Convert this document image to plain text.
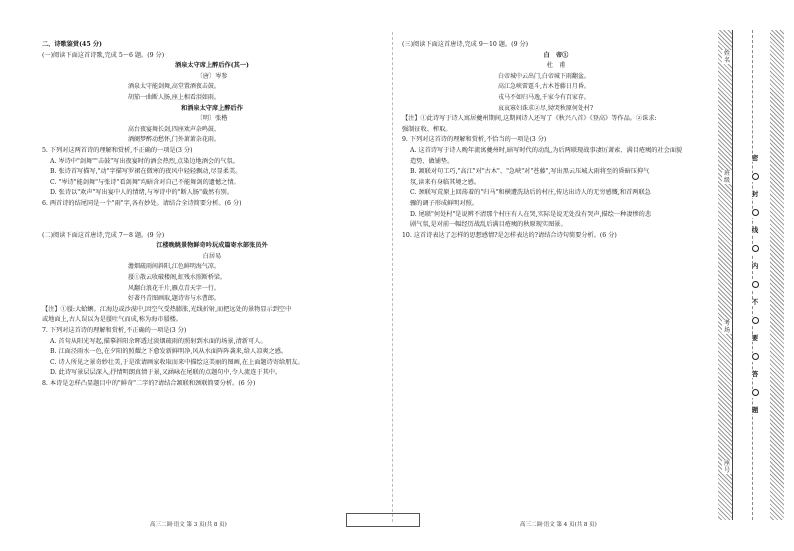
二、诗歌鉴赏(45 分)
(一)阅读下面这首诗歌,完成 5～6 题。(9 分)
酒泉太守席上醉后作(其一)
〔唐〕岑参
酒泉太守能剑舞,高堂置酒夜击鼓。
胡笳一曲断人肠,座上相看泪如雨。
和酒泉太守席上醉后作
〔明〕张楷
高台夜宴舞长剑,四座欢声杂鸣鼓。
酒阑梦醉动愁怀,门外萧萧杂花雨。
5. 下列对这两首诗的理解和赏析,不正确的一项是(3 分)
A. 岑诗中"剑舞""击鼓"写出夜宴时的酒会热烈,点染边地酒会的气氛。
B. 张诗首写描写,"动"字描写罗裙在微寒的夜风中轻轻飘动,尽显柔美。
C. "岑诗"能剑舞"与张诗"看剑舞"均暗含对自己不能舞剑的遗憾之情。
D. 张诗以"欢声"写出宴中人的情绪,与岑诗中的"断人肠"截然有别。
6. 两首诗的结尾同是一个"雨"字,各有妙处。请结合全诗简要分析。(6 分)

(二)阅读下面这首唐诗,完成 7～8 题。(9 分)
江楼晚眺景物鲜奇吟玩成篇寄水部张员外
白居易
澹烟疏雨间斜阳,江色鲜明海气凉。
蜃①散云收破楼阁,虹残水照断桥梁。
风翻白浪花千片,雁点青天字一行。
好著丹青图画取,题诗寄与水曹郎。
【注】①蜃:大蛤蜊。江海边或沙漠中,因空气受热膨胀,光线折射,而把远处的景物显示到空中
或地面上,古人误以为是蜃吐气而成,称为海市蜃楼。
7. 下列对这首诗的理解和赏析,不正确的一项是(3 分)
A. 首句从阳光写起,描摹斜阳余晖透过淡烟疏雨的照射到水面的场景,清新可人。
B. 江面泾雨水一色,在夕阳的照耀之下愈发新鲜明净,风从水面阵阵袭来,给人凉爽之感。
C. 诗人所见之景奇妙壮美,于是欲请画家收取而来中描绘这美丽的图画,在上面题诗寄给朋友。
D. 此诗写景层层深入,抒情明朗真情于景,又涵咏在尾联的点题句中,令人流连于其中。
8. 本诗是怎样凸显题目中的"鲜奇"二字的?请结合颔联和颈联简要分析。(6 分)
(三)阅读下面这首唐诗,完成 9～10 题。(9 分)
白　帝①
杜　甫
白帝城中云出门,白帝城下雨翻盆。
高江急峡雷霆斗,古木苍藤日月昏。
戎马不如归马逸,千家今有百家存。
哀哀寡妇诛求②尽,恸哭秋原何处村?
【注】①此诗写于诗人寓居夔州期间,这期间诗人还写了《秋兴八首》《登高》等作品。②诛求:
强制征收、榨取。
9. 下列对这首诗的理解和赏析,不恰当的一项是(3 分)
A. 这首诗写于诗人晚年流寓夔州时,暗写时代的动乱,为后两联现战事凄厉萧索、满目疮痍的社会面貌
造势、做铺垫。
B. 颔联对句工巧,"高江"对"古木"、"急峡"对"苍藤",写出黑云压城大雨将至的昏暗压抑气
氛,读来有身临其境之感。
C. 颈联写荒原上回荡着的"归马"和横遭洗劫后的村庄,传达出诗人的无穷感慨,和首两联急
骤的调子形成鲜明对照。
D. 尾联"何处村"是说辨不清那个村庄有人在哭,实际是说无处没有哭声,描绘一种凄惨的悲
剧气氛,是对前一幅经历战乱后满目疮痍的秋原现实图景。
10. 这首诗表达了怎样的思想感情?是怎样表达的?请结合诗句简要分析。(6 分)
高三二调·语文 第 3 页(共 8 页)	高三二调·语文 第 4 页(共 8 页)
姓名
班级
考场
座号
密
封
线
内
不
要
答
题
